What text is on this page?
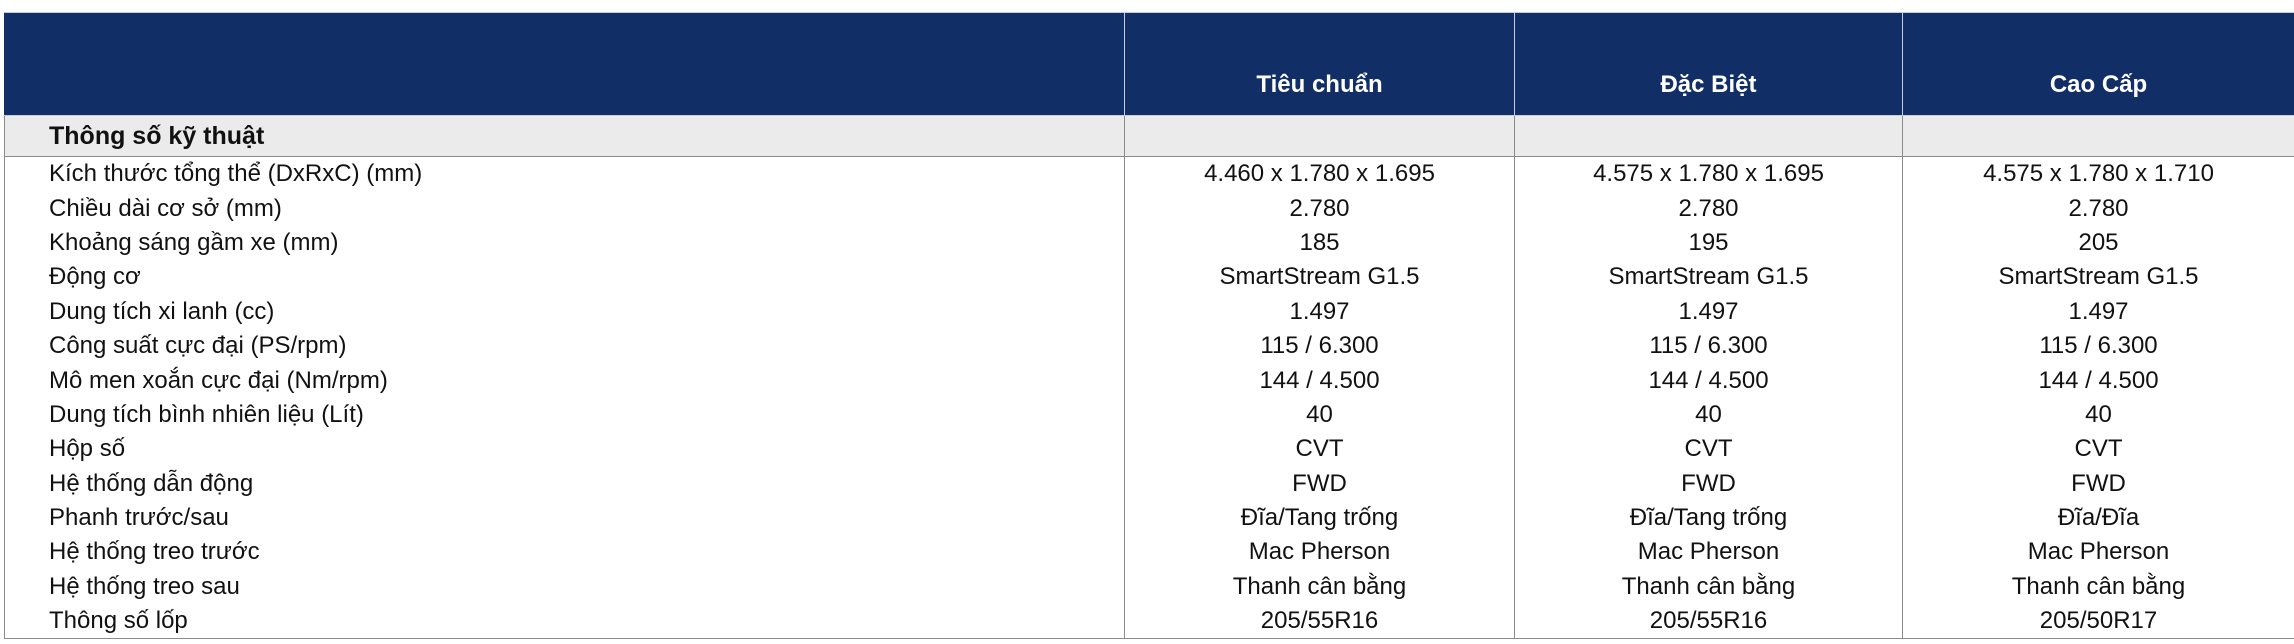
	Tiêu chuẩn	Đặc Biệt	Cao Cấp
Thông số kỹ thuật			
Kích thước tổng thể (DxRxC) (mm)	4.460 x 1.780 x 1.695	4.575 x 1.780 x 1.695	4.575 x 1.780 x 1.710
Chiều dài cơ sở (mm)	2.780	2.780	2.780
Khoảng sáng gầm xe (mm)	185	195	205
Động cơ	SmartStream G1.5	SmartStream G1.5	SmartStream G1.5
Dung tích xi lanh (cc)	1.497	1.497	1.497
Công suất cực đại (PS/rpm)	115 / 6.300	115 / 6.300	115 / 6.300
Mô men xoắn cực đại (Nm/rpm)	144 / 4.500	144 / 4.500	144 / 4.500
Dung tích bình nhiên liệu (Lít)	40	40	40
Hộp số	CVT	CVT	CVT
Hệ thống dẫn động	FWD	FWD	FWD
Phanh trước/sau	Đĩa/Tang trống	Đĩa/Tang trống	Đĩa/Đĩa
Hệ thống treo trước	Mac Pherson	Mac Pherson	Mac Pherson
Hệ thống treo sau	Thanh cân bằng	Thanh cân bằng	Thanh cân bằng
Thông số lốp	205/55R16	205/55R16	205/50R17
